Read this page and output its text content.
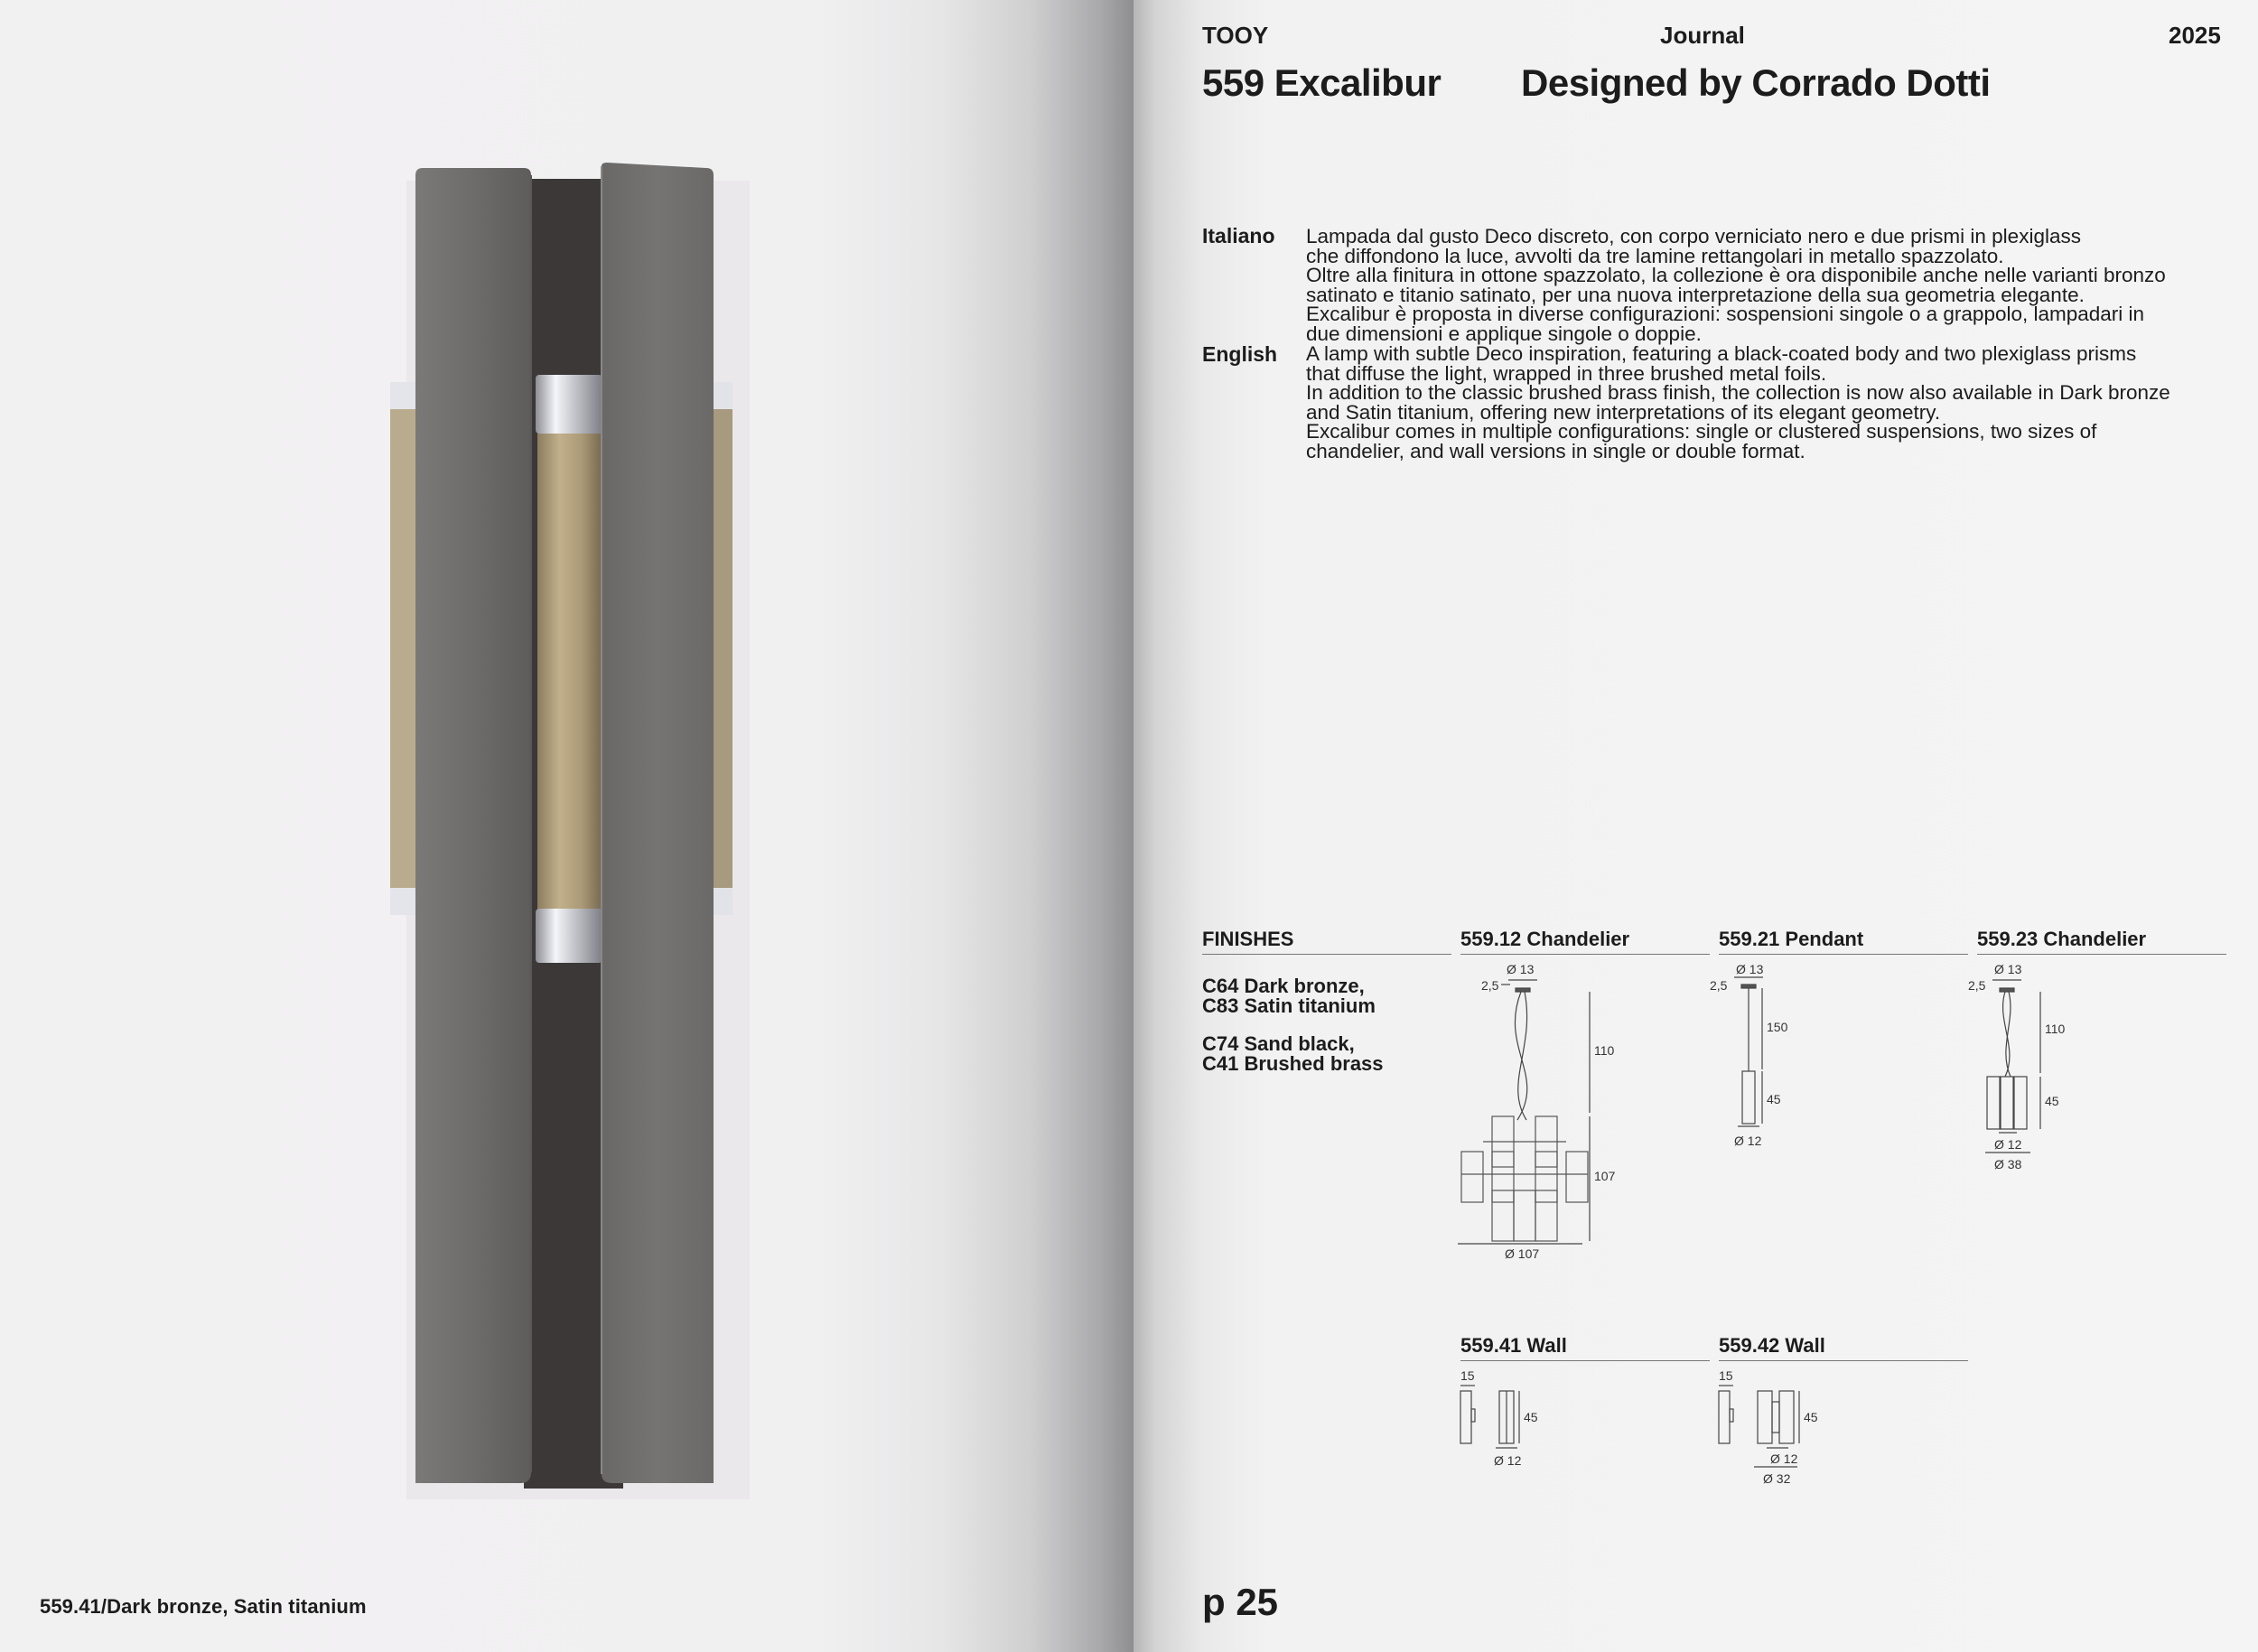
559.41/Dark bronze, Satin titanium
TOOY	Journal	2025
559 Excalibur Designed by Corrado Dotti
Italiano Lampada dal gusto Deco discreto, con corpo verniciato nero e due prismi in plexiglass
che diffondono la luce, avvolti da tre lamine rettangolari in metallo spazzolato.
Oltre alla finitura in ottone spazzolato, la collezione è ora disponibile anche nelle varianti bronzo
satinato e titanio satinato, per una nuova interpretazione della sua geometria elegante.
Excalibur è proposta in diverse configurazioni: sospensioni singole o a grappolo, lampadari in
due dimensioni e applique singole o doppie.
English A lamp with subtle Deco inspiration, featuring a black-coated body and two plexiglass prisms
that diffuse the light, wrapped in three brushed metal foils.
In addition to the classic brushed brass finish, the collection is now also available in Dark bronze
and Satin titanium, offering new interpretations of its elegant geometry.
Excalibur comes in multiple configurations: single or clustered suspensions, two sizes of
chandelier, and wall versions in single or double format.
FINISHES
C64 Dark bronze,
C83 Satin titanium
C74 Sand black,
C41 Brushed brass
559.12 Chandelier	559.21 Pendant	559.23 Chandelier
559.41 Wall	559.42 Wall
Ø 13
2,5
110
107
Ø 107
Ø 13
2,5
150
45
Ø 12
Ø 13
2,5
110
45
Ø 12
Ø 38
15
45
Ø 12
15
45
Ø 12
Ø 32
p 25
